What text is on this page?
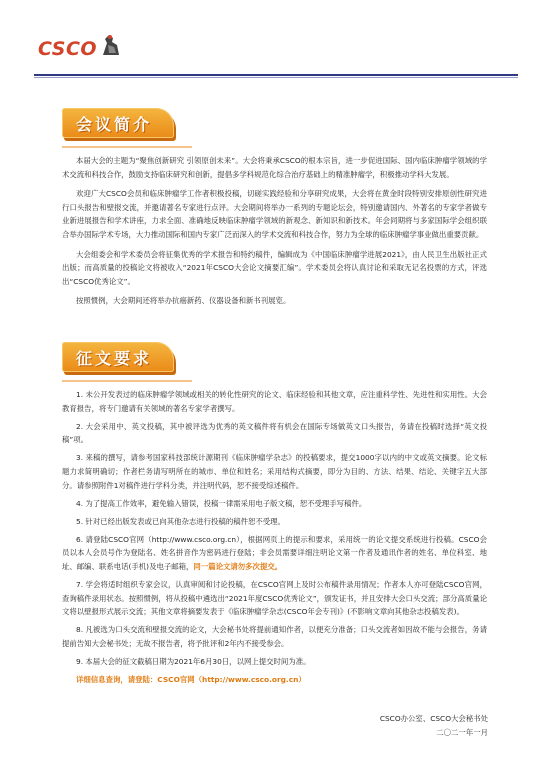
CSCO
会议简介

本届大会的主题为“聚焦创新研究 引领原创未来”。大会将秉承CSCO的根本宗旨，进一步促进国际、国内临床肿瘤学领域的学术交流和科技合作，鼓励支持临床研究和创新，提倡多学科规范化综合治疗基础上的精准肿瘤学，积极推动学科大发展。

欢迎广大CSCO会员和临床肿瘤学工作者积极投稿，切磋实践经验和分享研究成果，大会将在黄金时段特别安排原创性研究进行口头报告和壁报交流，并邀请著名专家进行点评。大会期间将举办一系列的专题论坛会，特别邀请国内、外著名的专家学者做专业新进展报告和学术讲座，力求全面、准确地反映临床肿瘤学领域的新观念、新知识和新技术。年会同期将与多家国际学会组织联合举办国际学术专场，大力推动国际和国内专家广泛而深入的学术交流和科技合作，努力为全球的临床肿瘤学事业做出重要贡献。

大会组委会和学术委员会将征集优秀的学术报告和特约稿件，编辑成为《中国临床肿瘤学进展2021》，由人民卫生出版社正式出版；而高质量的投稿论文将被收入“2021年CSCO大会论文摘要汇编”。学术委员会将认真讨论和采取无记名投票的方式，评选出“CSCO优秀论文”。

按照惯例，大会期间还将举办抗癌新药、仪器设备和新书刊展览。

征文要求

1. 未公开发表过的临床肿瘤学领域或相关的转化性研究的论文、临床经验和其他文章，应注重科学性、先进性和实用性。大会教育报告，将专门邀请有关领域的著名专家学者撰写。

2. 大会采用中、英文投稿，其中被评选为优秀的英文稿件将有机会在国际专场做英文口头报告，务请在投稿时选择“英文投稿”项。

3. 来稿的撰写，请参考国家科技部统计源期刊《临床肿瘤学杂志》的投稿要求，提交1000字以内的中文或英文摘要。论文标题力求简明确切；作者栏务请写明所在的城市、单位和姓名；采用结构式摘要，即分为目的、方法、结果、结论、关键字五大部分。请参照附件1对稿件进行学科分类，并注明代码，恕不接受综述稿件。

4. 为了提高工作效率，避免输入错误，投稿一律需采用电子版文稿，恕不受理手写稿件。

5. 针对已经出版发表或已向其他杂志进行投稿的稿件恕不受理。

6. 请登陆CSCO官网（http://www.csco.org.cn），根据网页上的提示和要求，采用统一的论文提交系统进行投稿。CSCO会员以本人会员号作为登陆名、姓名拼音作为密码进行登陆；非会员需要详细注明论文第一作者及通讯作者的姓名、单位科室、地址、邮编、联系电话(手机)及电子邮箱，同一篇论文请勿多次提交。

7. 学会将适时组织专家会议，认真审阅和讨论投稿，在CSCO官网上及时公布稿件录用情况；作者本人亦可登陆CSCO官网，查询稿件录用状态。按照惯例，将从投稿中遴选出“2021年度CSCO优秀论文”，颁发证书，并且安排大会口头交流；部分高质量论文将以壁报形式展示交流；其他文章将摘要发表于《临床肿瘤学杂志(CSCO年会专刊)》(不影响文章向其他杂志投稿发表)。

8. 凡被选为口头交流和壁报交流的论文，大会秘书处将提前通知作者，以便充分准备；口头交流者如因故不能与会报告，务请提前告知大会秘书处；无故不报告者，将予批评和2年内不接受参会。

9. 本届大会的征文截稿日期为2021年6月30日，以网上提交时间为准。

详细信息查询，请登陆：CSCO官网（http://www.csco.org.cn）

CSCO办公室、CSCO大会秘书处
二〇二一年一月
